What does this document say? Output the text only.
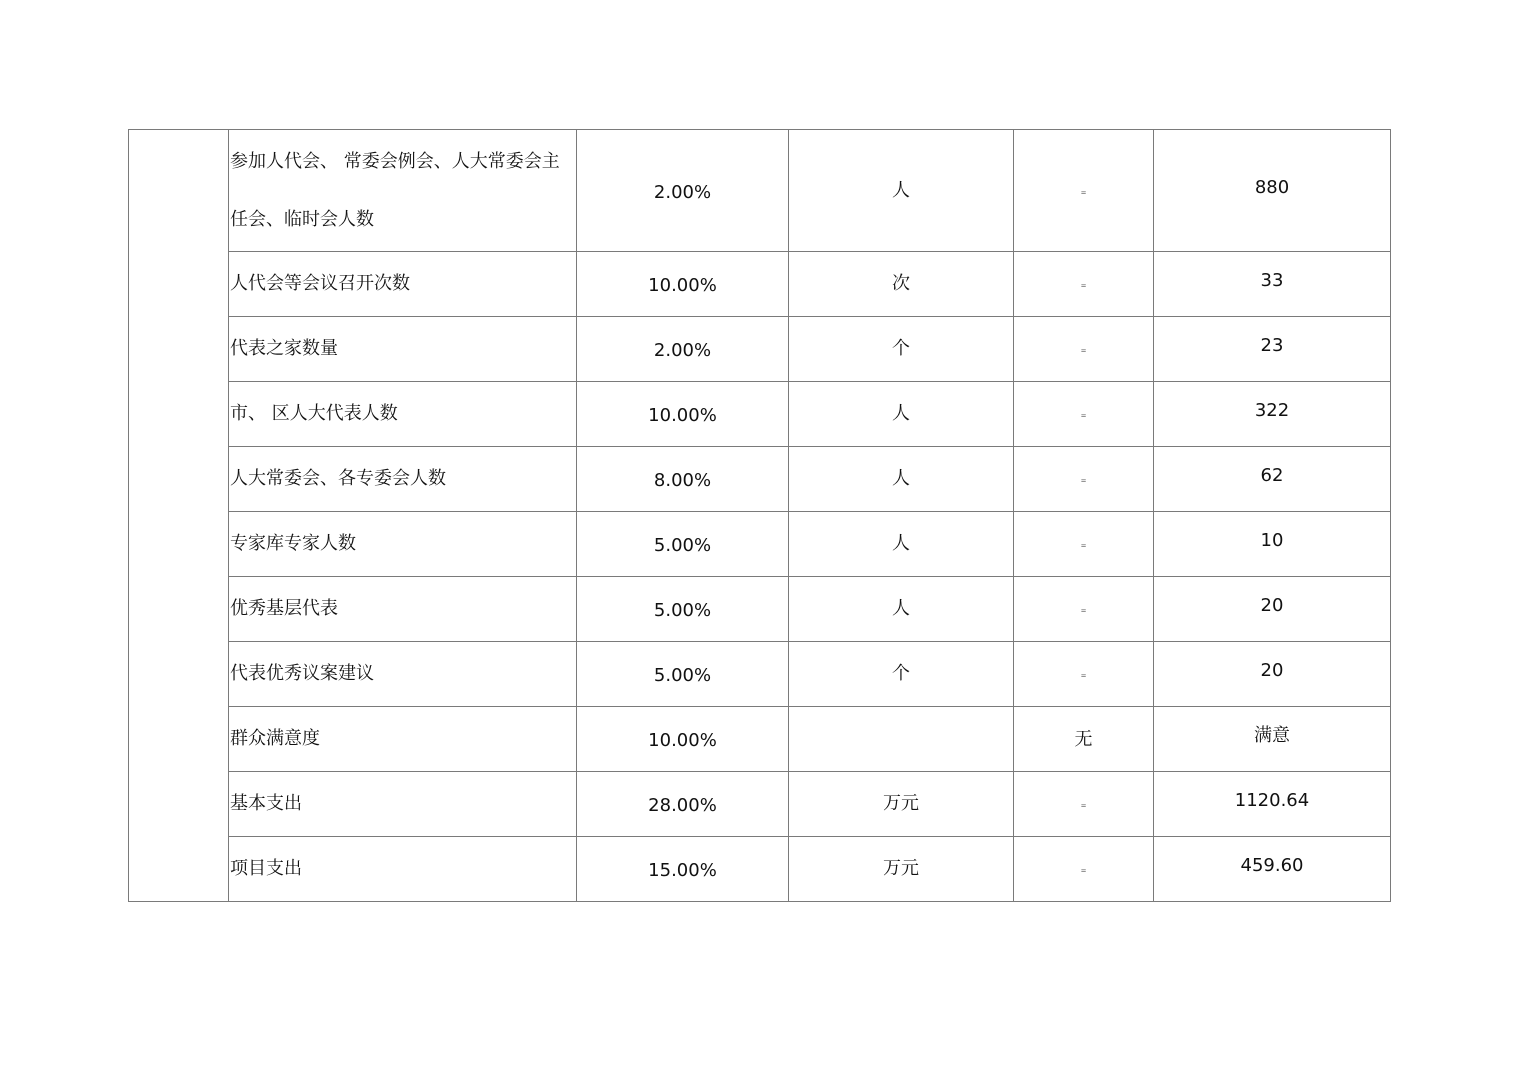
	参加人代会、 常委会例会、人大常委会主任会、临时会人数	2.00%	人	=	880
	人代会等会议召开次数	10.00%	次	=	33
	代表之家数量	2.00%	个	=	23
	市、 区人大代表人数	10.00%	人	=	322
	人大常委会、各专委会人数	8.00%	人	=	62
	专家库专家人数	5.00%	人	=	10
	优秀基层代表	5.00%	人	=	20
	代表优秀议案建议	5.00%	个	=	20
	群众满意度	10.00%		无	满意
	基本支出	28.00%	万元	=	1120.64
	项目支出	15.00%	万元	=	459.60
